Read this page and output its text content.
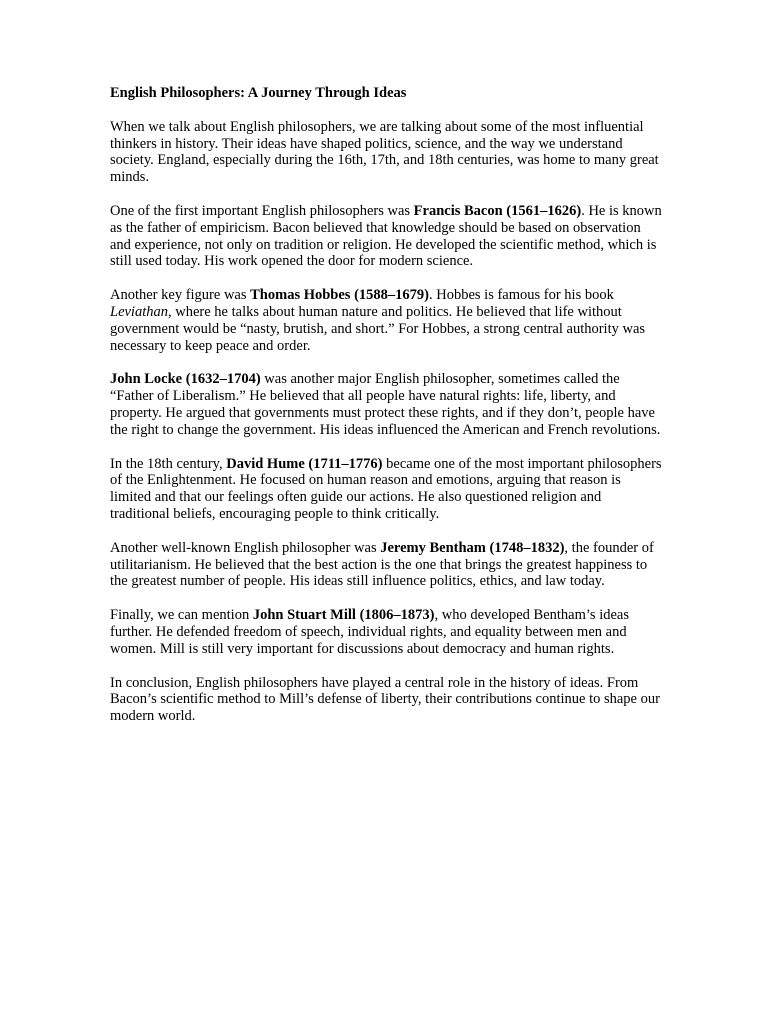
English Philosophers: A Journey Through Ideas

When we talk about English philosophers, we are talking about some of the most influential thinkers in history. Their ideas have shaped politics, science, and the way we understand society. England, especially during the 16th, 17th, and 18th centuries, was home to many great minds.

One of the first important English philosophers was Francis Bacon (1561–1626). He is known as the father of empiricism. Bacon believed that knowledge should be based on observation and experience, not only on tradition or religion. He developed the scientific method, which is still used today. His work opened the door for modern science.

Another key figure was Thomas Hobbes (1588–1679). Hobbes is famous for his book Leviathan, where he talks about human nature and politics. He believed that life without government would be “nasty, brutish, and short.” For Hobbes, a strong central authority was necessary to keep peace and order.

John Locke (1632–1704) was another major English philosopher, sometimes called the “Father of Liberalism.” He believed that all people have natural rights: life, liberty, and property. He argued that governments must protect these rights, and if they don’t, people have the right to change the government. His ideas influenced the American and French revolutions.

In the 18th century, David Hume (1711–1776) became one of the most important philosophers of the Enlightenment. He focused on human reason and emotions, arguing that reason is limited and that our feelings often guide our actions. He also questioned religion and traditional beliefs, encouraging people to think critically.

Another well-known English philosopher was Jeremy Bentham (1748–1832), the founder of utilitarianism. He believed that the best action is the one that brings the greatest happiness to the greatest number of people. His ideas still influence politics, ethics, and law today.

Finally, we can mention John Stuart Mill (1806–1873), who developed Bentham’s ideas further. He defended freedom of speech, individual rights, and equality between men and women. Mill is still very important for discussions about democracy and human rights.

In conclusion, English philosophers have played a central role in the history of ideas. From Bacon’s scientific method to Mill’s defense of liberty, their contributions continue to shape our modern world.
